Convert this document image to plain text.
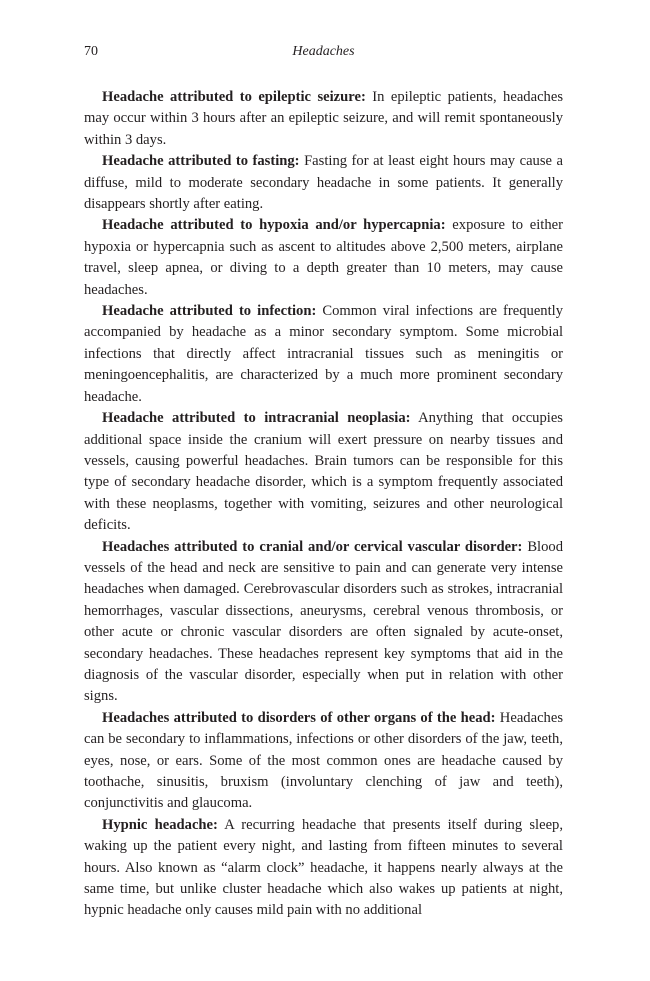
70	Headaches

Headache attributed to epileptic seizure: In epileptic patients, headaches may occur within 3 hours after an epileptic seizure, and will remit spontaneously within 3 days.

Headache attributed to fasting: Fasting for at least eight hours may cause a diffuse, mild to moderate secondary headache in some patients. It generally disappears shortly after eating.

Headache attributed to hypoxia and/or hypercapnia: exposure to either hypoxia or hypercapnia such as ascent to altitudes above 2,500 meters, airplane travel, sleep apnea, or diving to a depth greater than 10 meters, may cause headaches.

Headache attributed to infection: Common viral infections are frequently accompanied by headache as a minor secondary symptom. Some microbial infections that directly affect intracranial tissues such as meningitis or meningoencephalitis, are characterized by a much more prominent secondary headache.

Headache attributed to intracranial neoplasia: Anything that occupies additional space inside the cranium will exert pressure on nearby tissues and vessels, causing powerful headaches. Brain tumors can be responsible for this type of secondary headache disorder, which is a symptom frequently associated with these neoplasms, together with vomiting, seizures and other neurological deficits.

Headaches attributed to cranial and/or cervical vascular disorder: Blood vessels of the head and neck are sensitive to pain and can generate very intense headaches when damaged. Cerebrovascular disorders such as strokes, intracranial hemorrhages, vascular dissections, aneurysms, cerebral venous thrombosis, or other acute or chronic vascular disorders are often signaled by acute-onset, secondary headaches. These headaches represent key symptoms that aid in the diagnosis of the vascular disorder, especially when put in relation with other signs.

Headaches attributed to disorders of other organs of the head: Headaches can be secondary to inflammations, infections or other disorders of the jaw, teeth, eyes, nose, or ears. Some of the most common ones are headache caused by toothache, sinusitis, bruxism (involuntary clenching of jaw and teeth), conjunctivitis and glaucoma.

Hypnic headache: A recurring headache that presents itself during sleep, waking up the patient every night, and lasting from fifteen minutes to several hours. Also known as “alarm clock” headache, it happens nearly always at the same time, but unlike cluster headache which also wakes up patients at night, hypnic headache only causes mild pain with no additional
